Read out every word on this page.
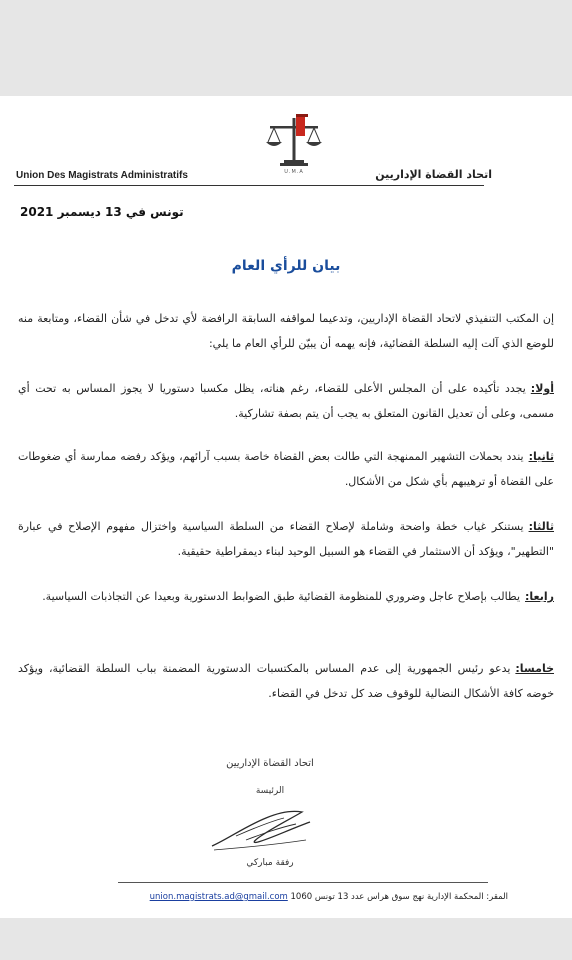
U.M.A
Union Des Magistrats Administratifs	اتحاد القضاة الإداريين
تونس في 13 ديسمبر 2021
بيان للرأي العام
إن المكتب التنفيذي لاتحاد القضاة الإداريين، وتدعيما لمواقفه السابقة الرافضة لأي تدخل في شأن القضاء، ومتابعة منه للوضع الذي آلت إليه السلطة القضائية، فإنه يهمه أن يبيّن للرأي العام ما يلي:
أولا:يجدد تأكيده على أن المجلس الأعلى للقضاء، رغم هناته، يظل مكسبا دستوريا لا يجوز المساس به تحت أي مسمى، وعلى أن تعديل القانون المتعلق به يجب أن يتم بصفة تشاركية.
ثانيا:يندد بحملات التشهير الممنهجة التي طالت بعض القضاة خاصة بسبب آرائهم، ويؤكد رفضه ممارسة أي ضغوطات على القضاة أو ترهيبهم بأي شكل من الأشكال.
ثالثا:يستنكر غياب خطة واضحة وشاملة لإصلاح القضاء من السلطة السياسية واختزال مفهوم الإصلاح في عبارة "التطهير"، ويؤكد أن الاستثمار في القضاء هو السبيل الوحيد لبناء ديمقراطية حقيقية.
رابعا:يطالب بإصلاح عاجل وضروري للمنظومة القضائية طبق الضوابط الدستورية وبعيدا عن التجاذبات السياسية.
خامسا:يدعو رئيس الجمهورية إلى عدم المساس بالمكتسبات الدستورية المضمنة بباب السلطة القضائية، ويؤكد خوضه كافة الأشكال النضالية للوقوف ضد كل تدخل في القضاء.
اتحاد القضاة الإداريين
الرئيسة
رفقة مباركي
المقر: المحكمة الإدارية نهج سوق هراس عدد 13 تونس 1060 union.magistrats.ad@gmail.com
